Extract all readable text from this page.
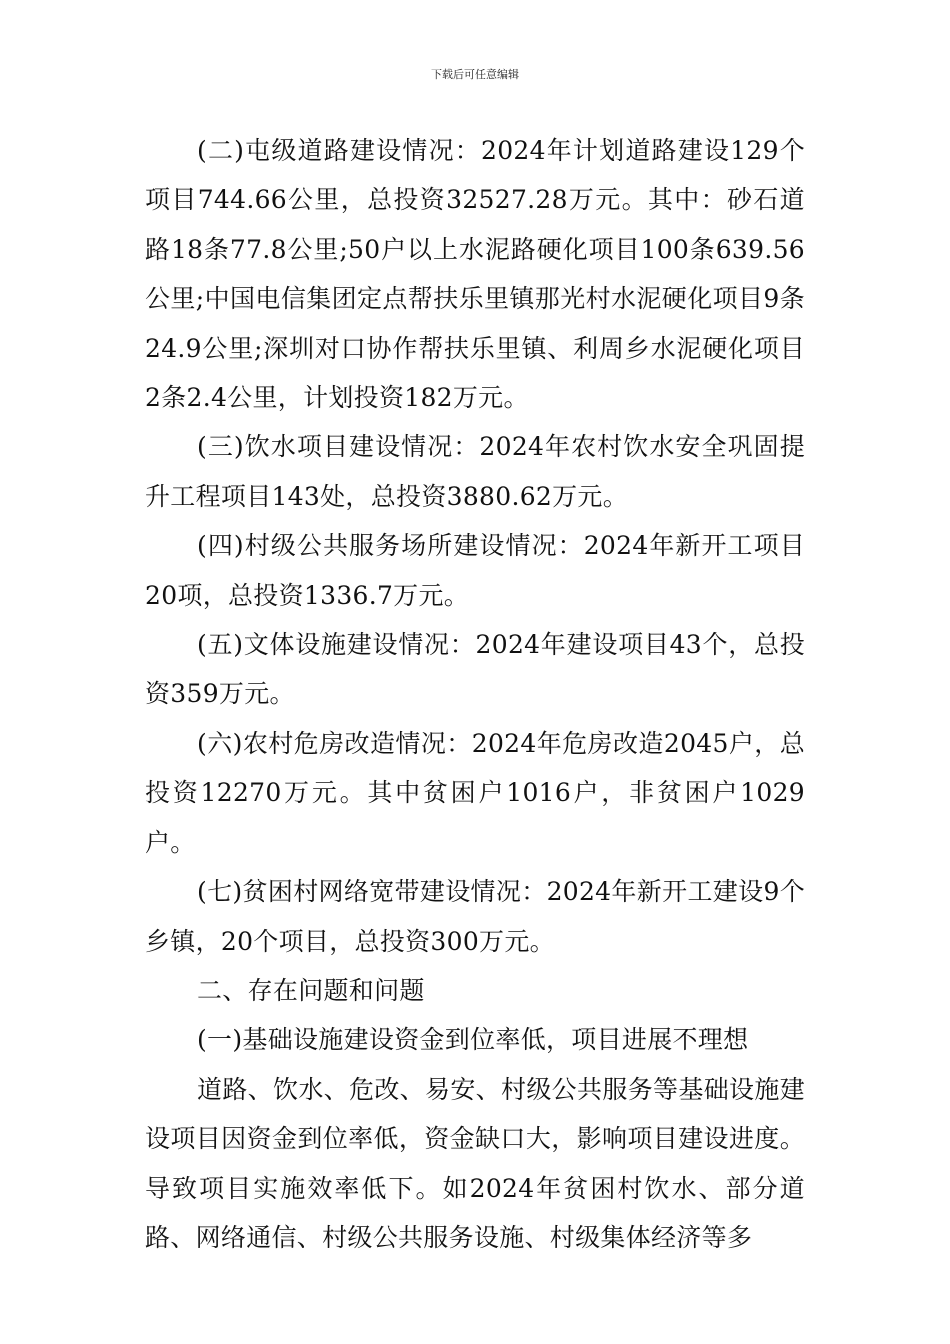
下载后可任意编辑

(二)屯级道路建设情况：2024年计划道路建设129个项目744.66公里，总投资32527.28万元。其中：砂石道路18条77.8公里;50户以上水泥路硬化项目100条639.56公里;中国电信集团定点帮扶乐里镇那光村水泥硬化项目9条24.9公里;深圳对口协作帮扶乐里镇、利周乡水泥硬化项目2条2.4公里，计划投资182万元。

(三)饮水项目建设情况：2024年农村饮水安全巩固提升工程项目143处，总投资3880.62万元。

(四)村级公共服务场所建设情况：2024年新开工项目20项，总投资1336.7万元。

(五)文体设施建设情况：2024年建设项目43个，总投资359万元。

(六)农村危房改造情况：2024年危房改造2045户，总投资12270万元。其中贫困户1016户，非贫困户1029户。

(七)贫困村网络宽带建设情况：2024年新开工建设9个乡镇，20个项目，总投资300万元。

二、存在问题和问题

(一)基础设施建设资金到位率低，项目进展不理想

道路、饮水、危改、易安、村级公共服务等基础设施建设项目因资金到位率低，资金缺口大，影响项目建设进度。导致项目实施效率低下。如2024年贫困村饮水、部分道路、网络通信、村级公共服务设施、村级集体经济等多
